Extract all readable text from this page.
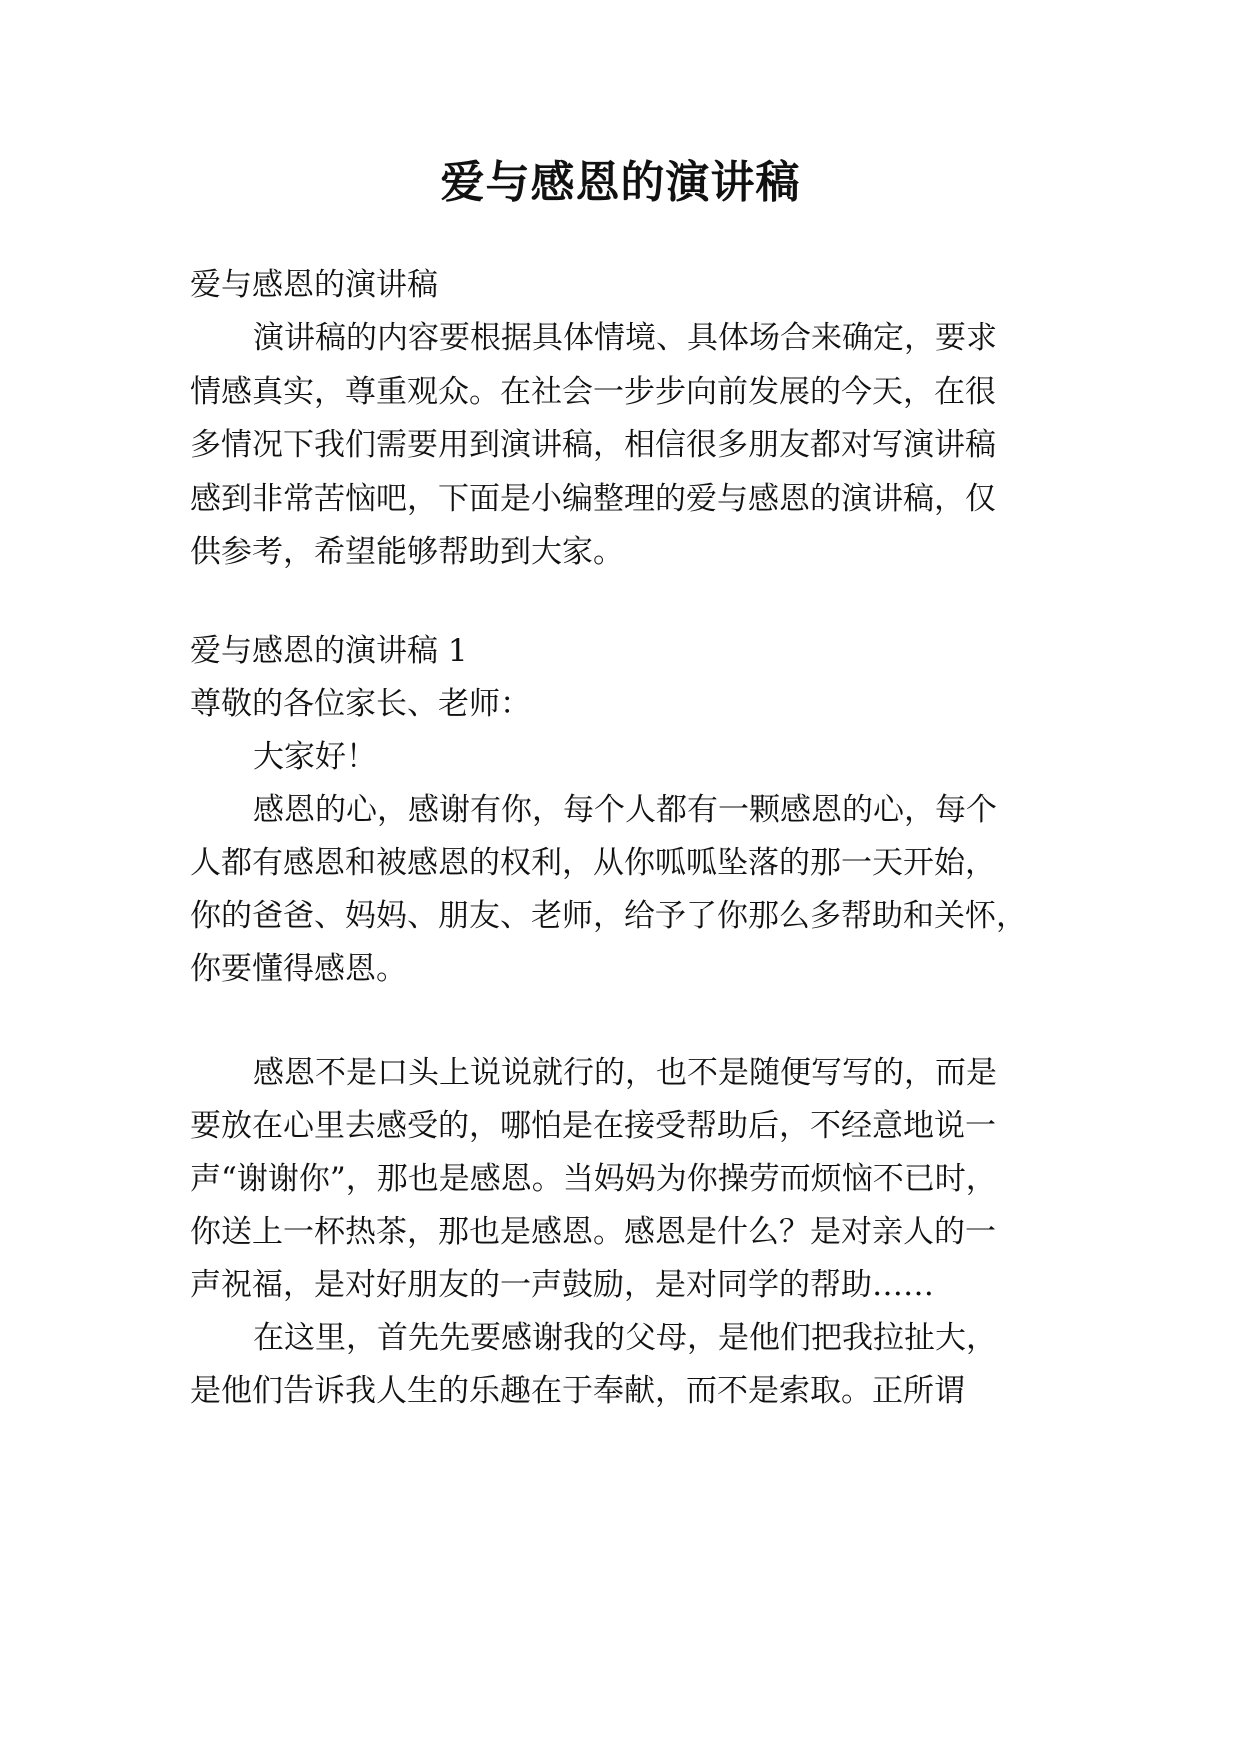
爱与感恩的演讲稿

爱与感恩的演讲稿

演讲稿的内容要根据具体情境、具体场合来确定，要求

情感真实，尊重观众。在社会一步步向前发展的今天，在很

多情况下我们需要用到演讲稿，相信很多朋友都对写演讲稿

感到非常苦恼吧，下面是小编整理的爱与感恩的演讲稿，仅

供参考，希望能够帮助到大家。

爱与感恩的演讲稿 1

尊敬的各位家长、老师：

大家好！

感恩的心，感谢有你，每个人都有一颗感恩的心，每个

人都有感恩和被感恩的权利，从你呱呱坠落的那一天开始，

你的爸爸、妈妈、朋友、老师，给予了你那么多帮助和关怀，

你要懂得感恩。

感恩不是口头上说说就行的，也不是随便写写的，而是

要放在心里去感受的，哪怕是在接受帮助后，不经意地说一

声“谢谢你”，那也是感恩。当妈妈为你操劳而烦恼不已时，

你送上一杯热茶，那也是感恩。感恩是什么？是对亲人的一

声祝福，是对好朋友的一声鼓励，是对同学的帮助……

在这里，首先先要感谢我的父母，是他们把我拉扯大，

是他们告诉我人生的乐趣在于奉献，而不是索取。正所谓
